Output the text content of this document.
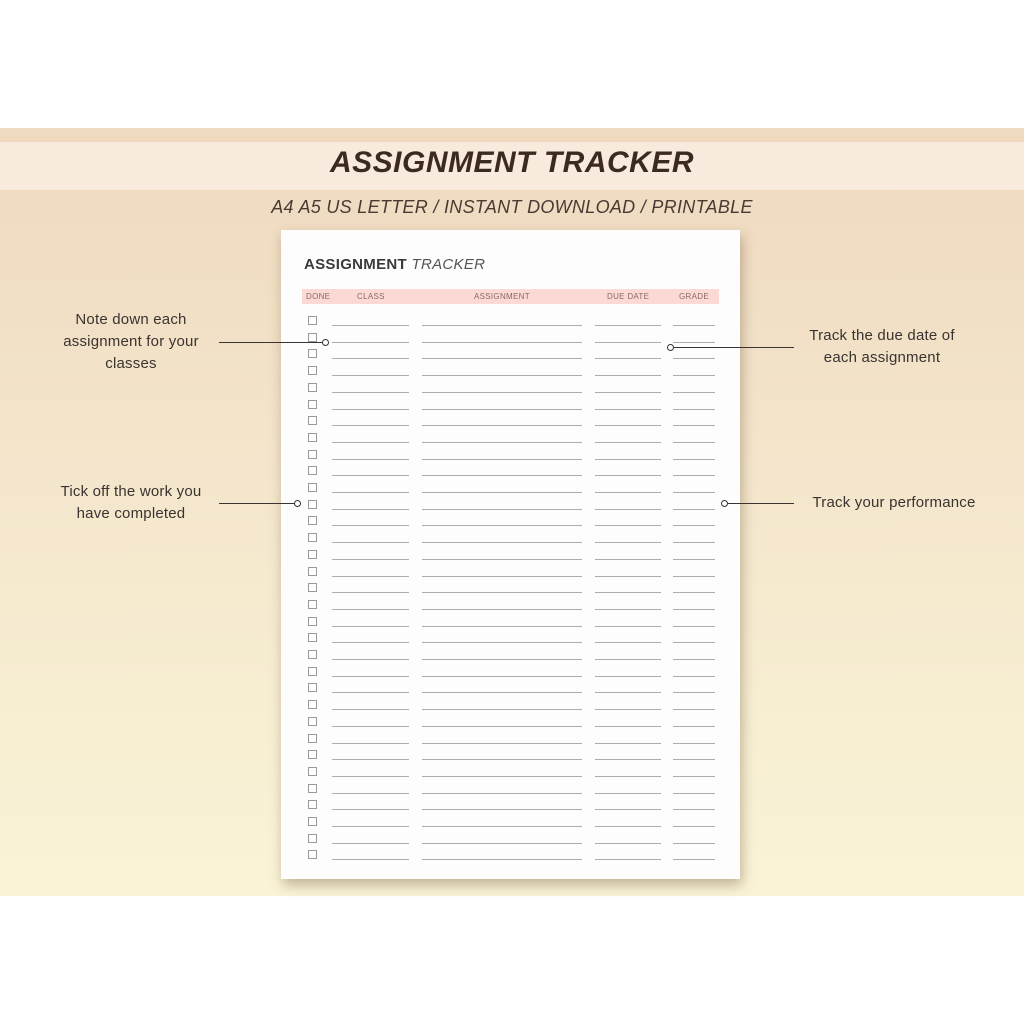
ASSIGNMENT TRACKER
A4 A5 US LETTER / INSTANT DOWNLOAD / PRINTABLE
ASSIGNMENT TRACKER
DONE	CLASS	ASSIGNMENT	DUE DATE	GRADE
Note down each assignment for your classes
Tick off the work you have completed
Track the due date of each assignment
Track your performance
